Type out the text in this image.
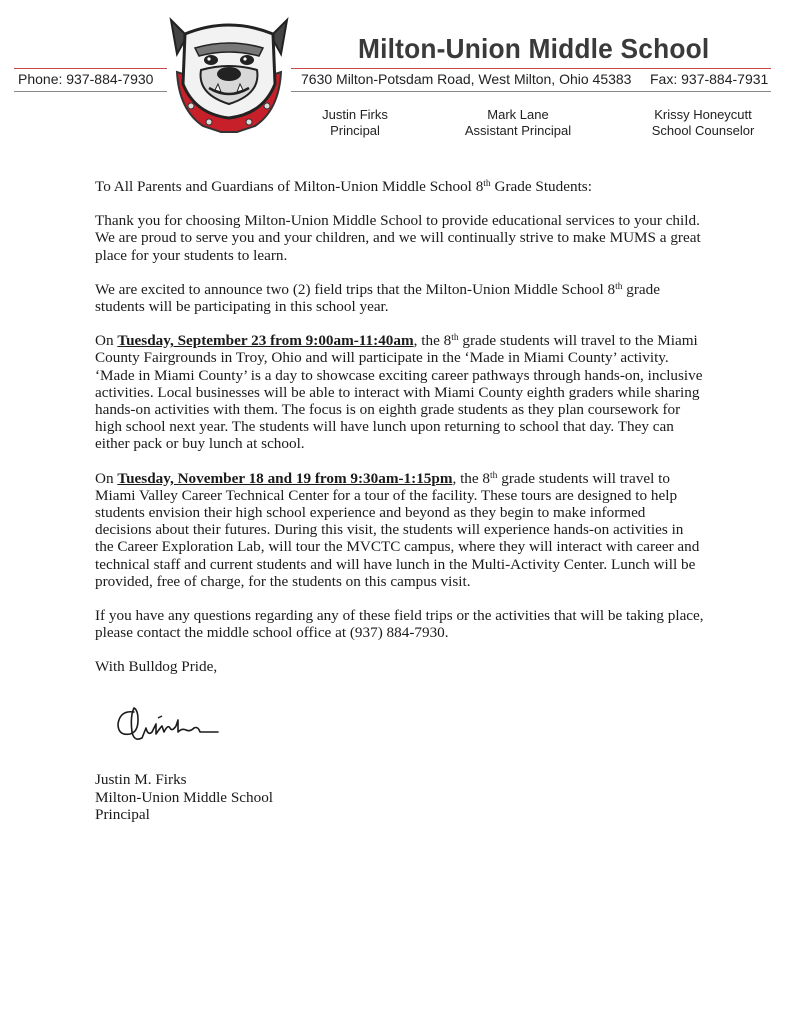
Milton-Union Middle School
Phone: 937-884-7930	7630 Milton-Potsdam Road, West Milton, Ohio 45383 Fax: 937-884-7931
Justin Firks
Principal
Mark Lane
Assistant Principal
Krissy Honeycutt
School Counselor

To All Parents and Guardians of Milton-Union Middle School 8th Grade Students:

Thank you for choosing Milton-Union Middle School to provide educational services to your child. We are proud to serve you and your children, and we will continually strive to make MUMS a great place for your students to learn.

We are excited to announce two (2) field trips that the Milton-Union Middle School 8th grade students will be participating in this school year.

On Tuesday, September 23 from 9:00am-11:40am, the 8th grade students will travel to the Miami County Fairgrounds in Troy, Ohio and will participate in the ‘Made in Miami County’ activity. ‘Made in Miami County’ is a day to showcase exciting career pathways through hands-on, inclusive activities. Local businesses will be able to interact with Miami County eighth graders while sharing hands-on activities with them. The focus is on eighth grade students as they plan coursework for high school next year. The students will have lunch upon returning to school that day. They can either pack or buy lunch at school.

On Tuesday, November 18 and 19 from 9:30am-1:15pm, the 8th grade students will travel to Miami Valley Career Technical Center for a tour of the facility. These tours are designed to help students envision their high school experience and beyond as they begin to make informed decisions about their futures. During this visit, the students will experience hands-on activities in the Career Exploration Lab, will tour the MVCTC campus, where they will interact with career and technical staff and current students and will have lunch in the Multi-Activity Center. Lunch will be provided, free of charge, for the students on this campus visit.

If you have any questions regarding any of these field trips or the activities that will be taking place, please contact the middle school office at (937) 884-7930.

With Bulldog Pride,

Justin M. Firks
Milton-Union Middle School
Principal
